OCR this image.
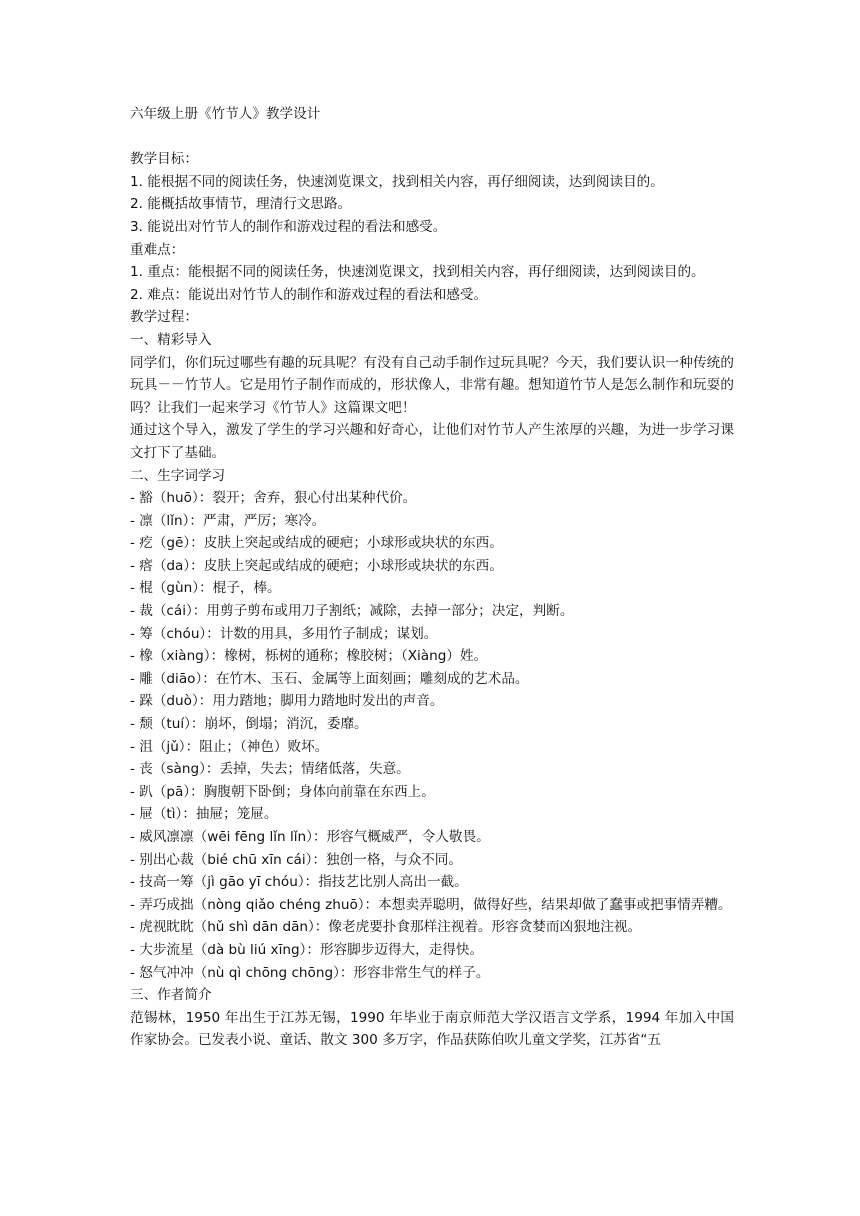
六年级上册《竹节人》教学设计
教学目标：
1. 能根据不同的阅读任务，快速浏览课文，找到相关内容，再仔细阅读，达到阅读目的。
2. 能概括故事情节，理清行文思路。
3. 能说出对竹节人的制作和游戏过程的看法和感受。
重难点：
1. 重点：能根据不同的阅读任务，快速浏览课文，找到相关内容，再仔细阅读，达到阅读目的。
2. 难点：能说出对竹节人的制作和游戏过程的看法和感受。
教学过程：
一、精彩导入
同学们，你们玩过哪些有趣的玩具呢？有没有自己动手制作过玩具呢？今天，我们要认识一种传统的玩具－－竹节人。它是用竹子制作而成的，形状像人，非常有趣。想知道竹节人是怎么制作和玩耍的吗？让我们一起来学习《竹节人》这篇课文吧！
通过这个导入，激发了学生的学习兴趣和好奇心，让他们对竹节人产生浓厚的兴趣，为进一步学习课文打下了基础。
二、生字词学习
- 豁（huō）：裂开；舍弃，狠心付出某种代价。
- 凛（lǐn）：严肃，严厉；寒冷。
- 疙（gē）：皮肤上突起或结成的硬疤；小球形或块状的东西。
- 瘩（da）：皮肤上突起或结成的硬疤；小球形或块状的东西。
- 棍（gùn）：棍子，棒。
- 裁（cái）：用剪子剪布或用刀子割纸；减除，去掉一部分；决定，判断。
- 筹（chóu）：计数的用具，多用竹子制成；谋划。
- 橡（xiàng）：橡树，栎树的通称；橡胶树；（Xiàng）姓。
- 雕（diāo）：在竹木、玉石、金属等上面刻画；雕刻成的艺术品。
- 跺（duò）：用力踏地；脚用力踏地时发出的声音。
- 颓（tuí）：崩坏，倒塌；消沉，委靡。
- 沮（jǔ）：阻止；（神色）败坏。
- 丧（sàng）：丢掉，失去；情绪低落，失意。
- 趴（pā）：胸腹朝下卧倒；身体向前靠在东西上。
- 屉（tì）：抽屉；笼屉。
- 威风凛凛（wēi fēng lǐn lǐn）：形容气概威严，令人敬畏。
- 别出心裁（bié chū xīn cái）：独创一格，与众不同。
- 技高一筹（jì gāo yī chóu）：指技艺比别人高出一截。
- 弄巧成拙（nòng qiǎo chéng zhuō）：本想卖弄聪明，做得好些，结果却做了蠢事或把事情弄糟。
- 虎视眈眈（hǔ shì dān dān）：像老虎要扑食那样注视着。形容贪婪而凶狠地注视。
- 大步流星（dà bù liú xīng）：形容脚步迈得大，走得快。
- 怒气冲冲（nù qì chōng chōng）：形容非常生气的样子。
三、作者简介
范锡林，1950 年出生于江苏无锡，1990 年毕业于南京师范大学汉语言文学系，1994 年加入中国作家协会。已发表小说、童话、散文 300 多万字，作品获陈伯吹儿童文学奖，江苏省“五
